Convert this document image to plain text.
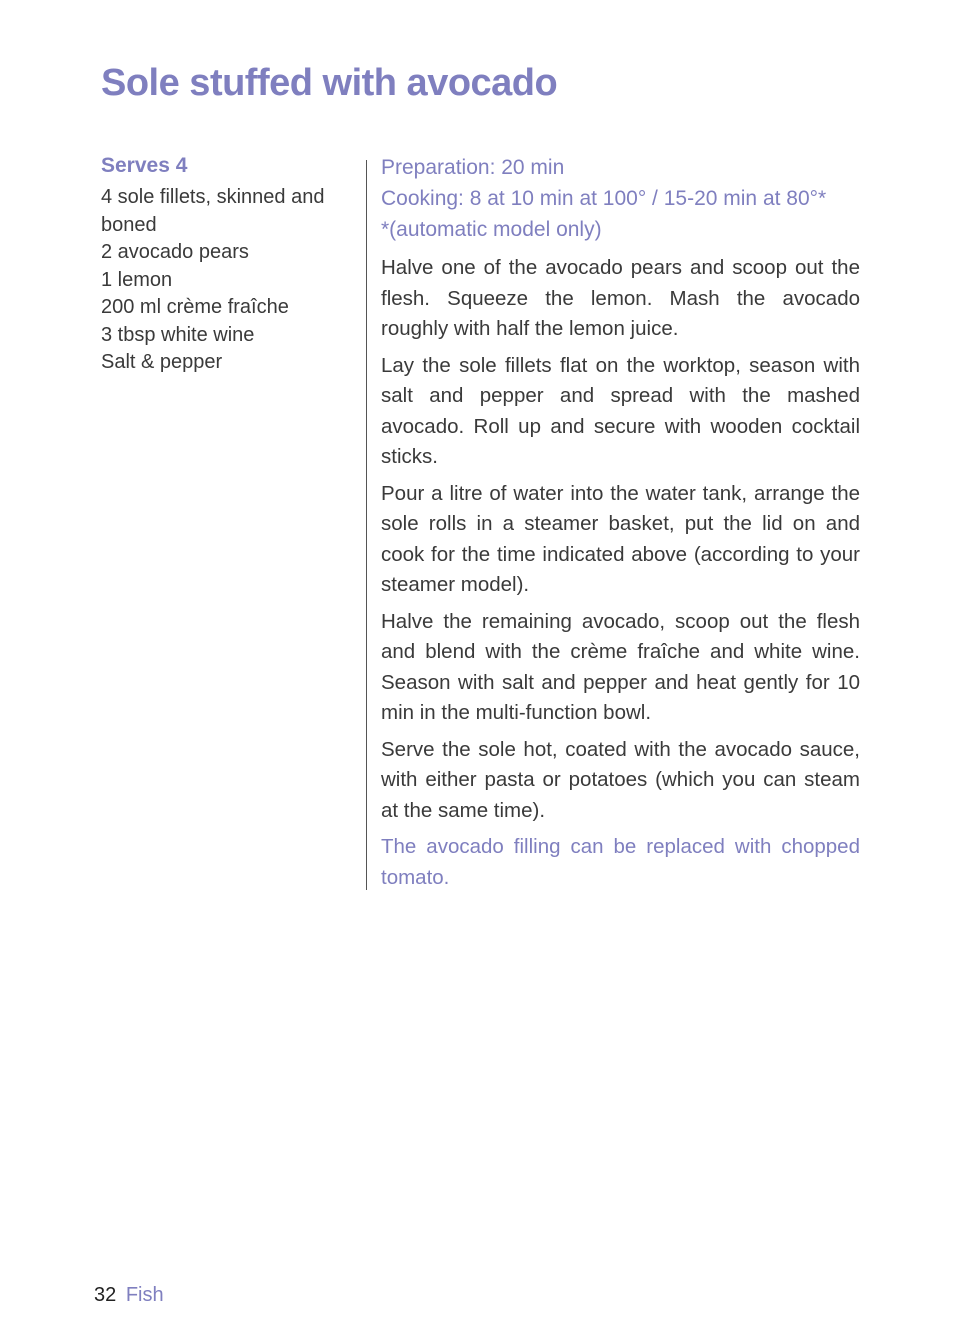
Sole stuffed with avocado
Serves 4
4 sole fillets, skinned and boned
2 avocado pears
1 lemon
200 ml crème fraîche
3 tbsp white wine
Salt & pepper

Preparation: 20 min

Cooking: 8 at 10 min at 100° / 15-20 min at 80°*

*(automatic model only)

Halve one of the avocado pears and scoop out the flesh. Squeeze the lemon. Mash the avocado roughly with half the lemon juice.

Lay the sole fillets flat on the worktop, season with salt and pepper and spread with the mashed avocado. Roll up and secure with wooden cocktail sticks.

Pour a litre of water into the water tank, arrange the sole rolls in a steamer basket, put the lid on and cook for the time indicated above (according to your steamer model).

Halve the remaining avocado, scoop out the flesh and blend with the crème fraîche and white wine. Season with salt and pepper and heat gently for 10 min in the multi-function bowl.

Serve the sole hot, coated with the avocado sauce, with either pasta or potatoes (which you can steam at the same time).

The avocado filling can be replaced with chopped tomato.

32 Fish
